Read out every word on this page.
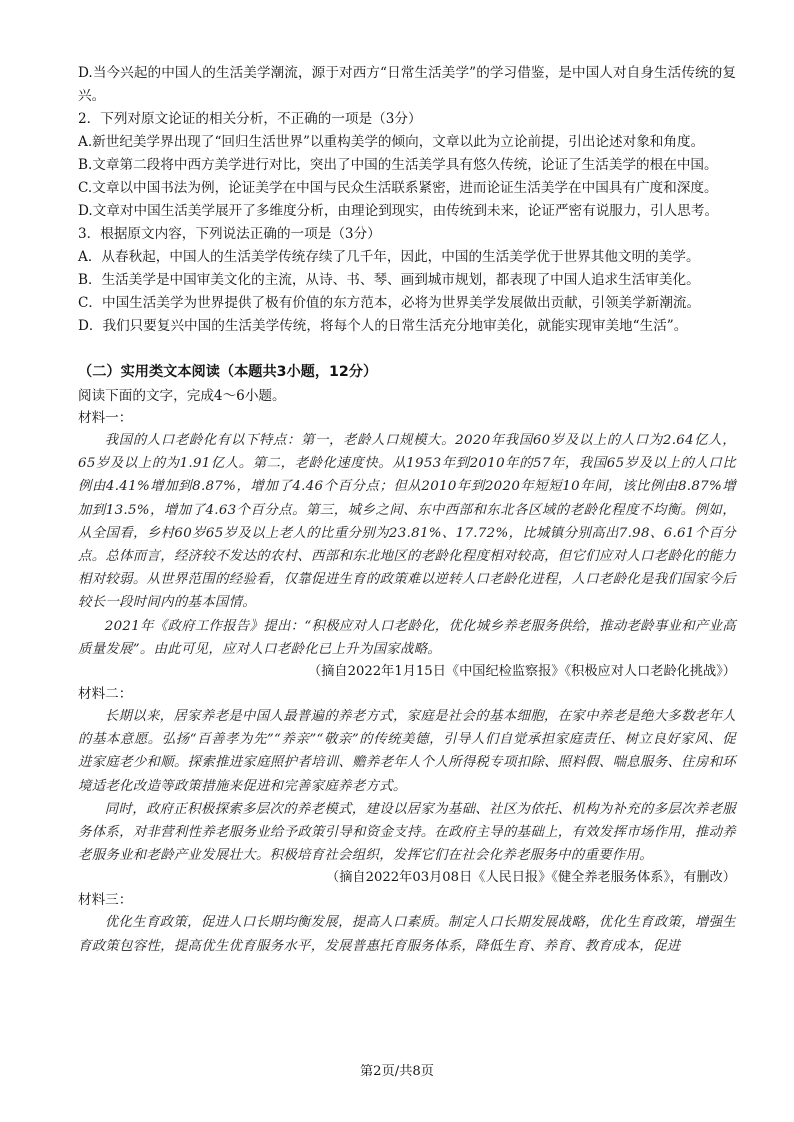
D.当今兴起的中国人的生活美学潮流，源于对西方“日常生活美学”的学习借鉴，是中国人对自身生活传统的复兴。

2．下列对原文论证的相关分析，不正确的一项是（3分）

A.新世纪美学界出现了“回归生活世界”以重构美学的倾向，文章以此为立论前提，引出论述对象和角度。

B.文章第二段将中西方美学进行对比，突出了中国的生活美学具有悠久传统，论证了生活美学的根在中国。

C.文章以中国书法为例，论证美学在中国与民众生活联系紧密，进而论证生活美学在中国具有广度和深度。

D.文章对中国生活美学展开了多维度分析，由理论到现实，由传统到未来，论证严密有说服力，引人思考。

3．根据原文内容，下列说法正确的一项是（3分）

A．从春秋起，中国人的生活美学传统存续了几千年，因此，中国的生活美学优于世界其他文明的美学。

B．生活美学是中国审美文化的主流，从诗、书、琴、画到城市规划，都表现了中国人追求生活审美化。

C．中国生活美学为世界提供了极有价值的东方范本，必将为世界美学发展做出贡献，引领美学新潮流。

D．我们只要复兴中国的生活美学传统，将每个人的日常生活充分地审美化，就能实现审美地“生活”。

（二）实用类文本阅读（本题共3小题，12分）

阅读下面的文字，完成4～6小题。

材料一：

我国的人口老龄化有以下特点：第一，老龄人口规模大。2020年我国60岁及以上的人口为2.64亿人，65岁及以上的为1.91亿人。第二，老龄化速度快。从1953年到2010年的57年，我国65岁及以上的人口比例由4.41%增加到8.87%，增加了4.46个百分点；但从2010年到2020年短短10年间，该比例由8.87%增加到13.5%，增加了4.63个百分点。第三，城乡之间、东中西部和东北各区域的老龄化程度不均衡。例如，从全国看，乡村60岁65岁及以上老人的比重分别为23.81%、17.72%，比城镇分别高出7.98、6.61个百分点。总体而言，经济较不发达的农村、西部和东北地区的老龄化程度相对较高，但它们应对人口老龄化的能力相对较弱。从世界范围的经验看，仅靠促进生育的政策难以逆转人口老龄化进程，人口老龄化是我们国家今后较长一段时间内的基本国情。

2021年《政府工作报告》提出：“积极应对人口老龄化，优化城乡养老服务供给，推动老龄事业和产业高质量发展”。由此可见，应对人口老龄化已上升为国家战略。

（摘自2022年1月15日《中国纪检监察报》《积极应对人口老龄化挑战》）

材料二：

长期以来，居家养老是中国人最普遍的养老方式，家庭是社会的基本细胞，在家中养老是绝大多数老年人的基本意愿。弘扬“百善孝为先”“养亲”“敬亲”的传统美德，引导人们自觉承担家庭责任、树立良好家风、促进家庭老少和顺。探索推进家庭照护者培训、赡养老年人个人所得税专项扣除、照料假、喘息服务、住房和环境适老化改造等政策措施来促进和完善家庭养老方式。

同时，政府正积极探索多层次的养老模式，建设以居家为基础、社区为依托、机构为补充的多层次养老服务体系，对非营利性养老服务业给予政策引导和资金支持。在政府主导的基础上，有效发挥市场作用，推动养老服务业和老龄产业发展壮大。积极培育社会组织，发挥它们在社会化养老服务中的重要作用。

（摘自2022年03月08日《人民日报》《健全养老服务体系》，有删改）

材料三：

优化生育政策，促进人口长期均衡发展，提高人口素质。制定人口长期发展战略，优化生育政策，增强生育政策包容性，提高优生优育服务水平，发展普惠托育服务体系，降低生育、养育、教育成本，促进

第2页/共8页
